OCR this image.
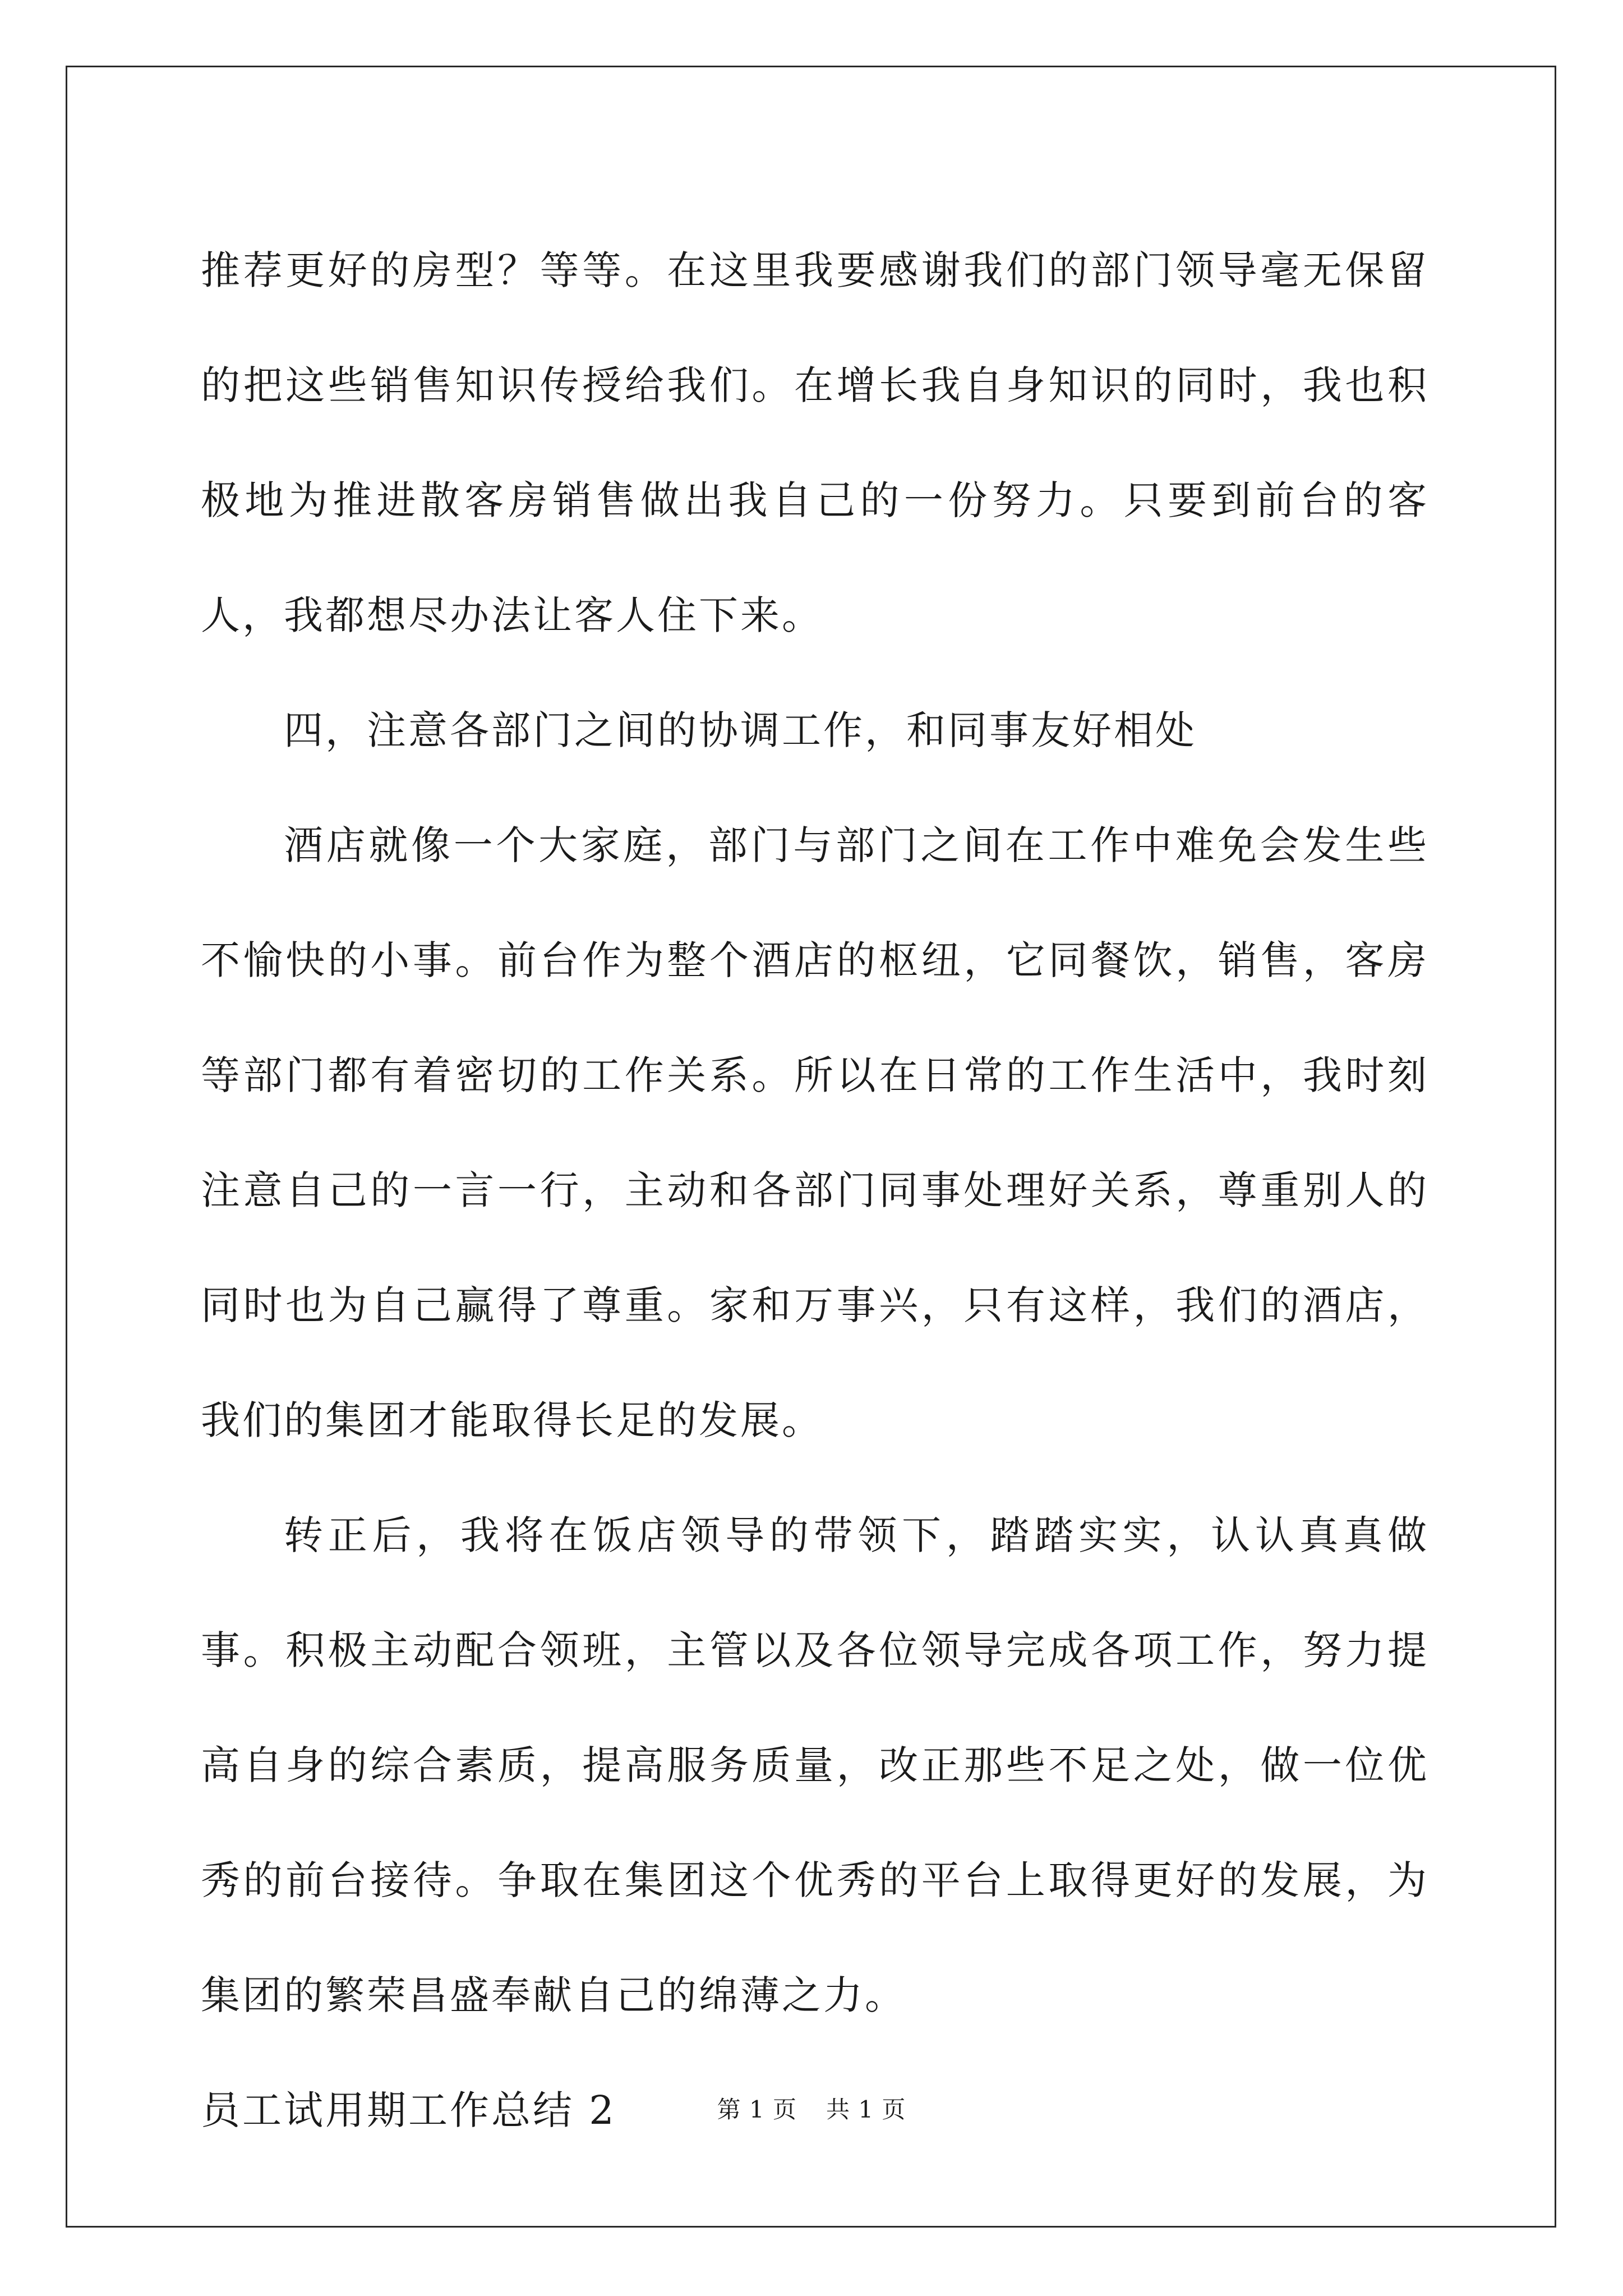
推荐更好的房型？等等。在这里我要感谢我们的部门领导毫无保留的把这些销售知识传授给我们。在增长我自身知识的同时，我也积极地为推进散客房销售做出我自己的一份努力。只要到前台的客人，我都想尽办法让客人住下来。

四，注意各部门之间的协调工作，和同事友好相处

酒店就像一个大家庭，部门与部门之间在工作中难免会发生些不愉快的小事。前台作为整个酒店的枢纽，它同餐饮，销售，客房等部门都有着密切的工作关系。所以在日常的工作生活中，我时刻注意自己的一言一行，主动和各部门同事处理好关系，尊重别人的同时也为自己赢得了尊重。家和万事兴，只有这样，我们的酒店，我们的集团才能取得长足的发展。

转正后，我将在饭店领导的带领下，踏踏实实，认认真真做事。积极主动配合领班，主管以及各位领导完成各项工作，努力提高自身的综合素质，提高服务质量，改正那些不足之处，做一位优秀的前台接待。争取在集团这个优秀的平台上取得更好的发展，为集团的繁荣昌盛奉献自己的绵薄之力。

员工试用期工作总结 2	第 1 页 共 1 页
